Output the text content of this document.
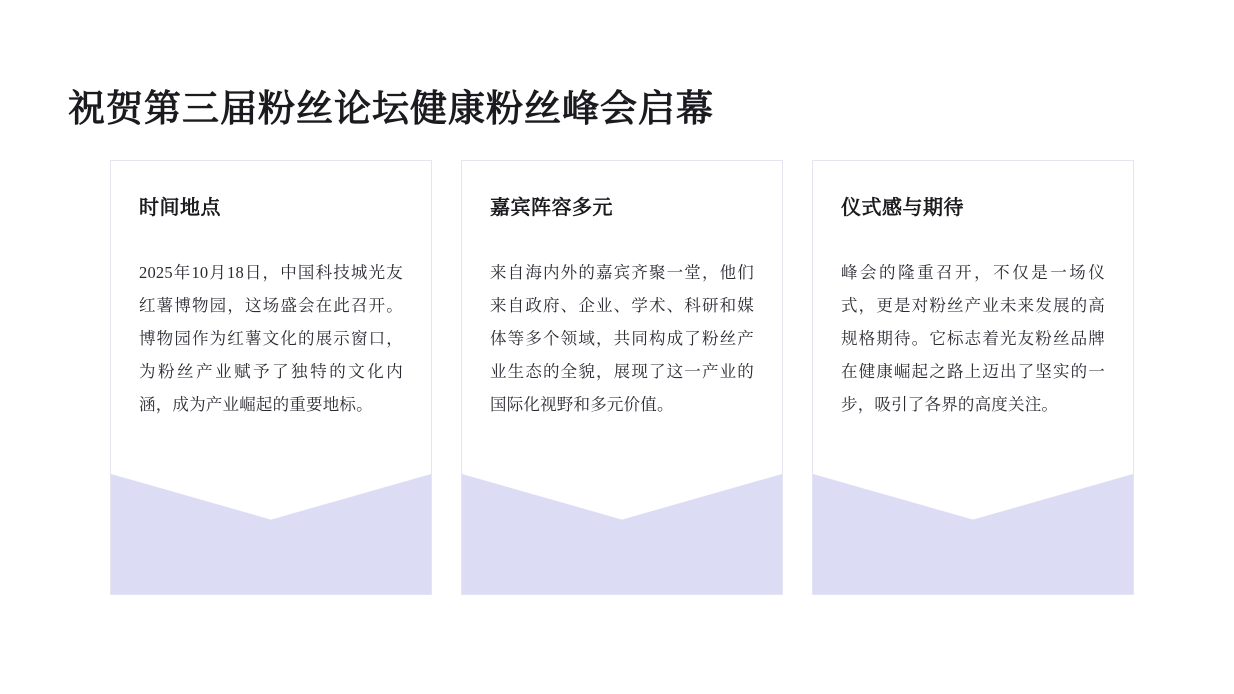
祝贺第三届粉丝论坛健康粉丝峰会启幕
时间地点

2025年10月18日，中国科技城光友红薯博物园，这场盛会在此召开。博物园作为红薯文化的展示窗口，为粉丝产业赋予了独特的文化内涵，成为产业崛起的重要地标。

嘉宾阵容多元

来自海内外的嘉宾齐聚一堂，他们来自政府、企业、学术、科研和媒体等多个领域，共同构成了粉丝产业生态的全貌，展现了这一产业的国际化视野和多元价值。

仪式感与期待

峰会的隆重召开，不仅是一场仪式，更是对粉丝产业未来发展的高规格期待。它标志着光友粉丝品牌在健康崛起之路上迈出了坚实的一步，吸引了各界的高度关注。
